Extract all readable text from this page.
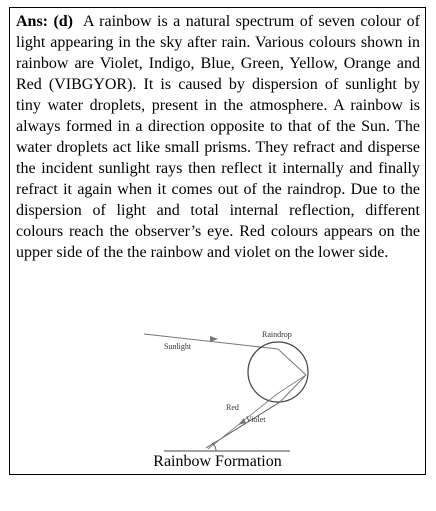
Ans: (d) A rainbow is a natural spectrum of seven colour of light appearing in the sky after rain. Various colours shown in rainbow are Violet, Indigo, Blue, Green, Yellow, Orange and Red (VIBGYOR). It is caused by dispersion of sunlight by tiny water droplets, present in the atmosphere. A rainbow is always formed in a direction opposite to that of the Sun. The water droplets act like small prisms. They refract and disperse the incident sunlight rays then reflect it internally and finally refract it again when it comes out of the raindrop. Due to the dispersion of light and total internal reflection, different colours reach the observer’s eye. Red colours appears on the upper side of the the rainbow and violet on the lower side.

Sunlight
Raindrop
Red
Violet
Rainbow Formation
